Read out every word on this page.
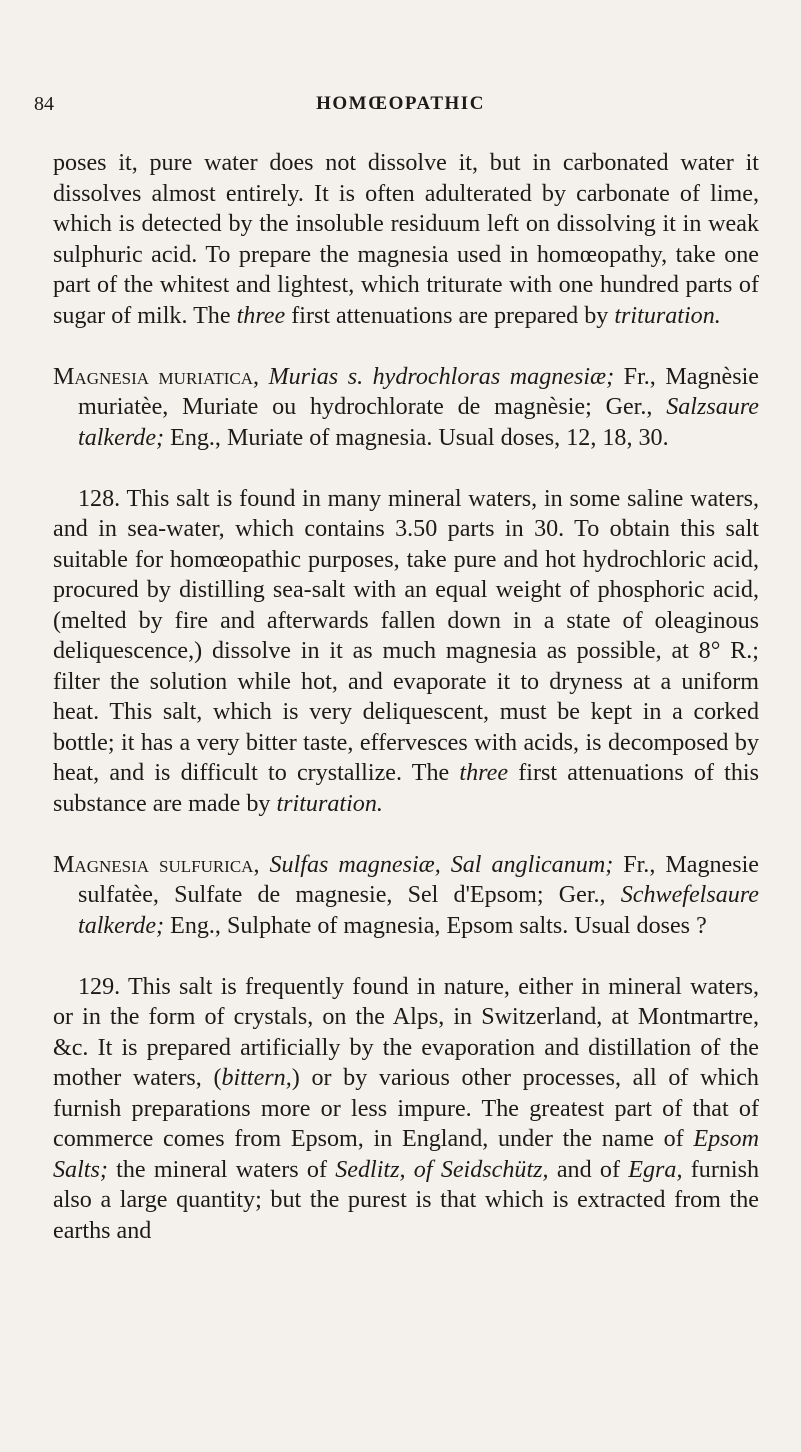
84	HOMŒOPATHIC

poses it, pure water does not dissolve it, but in carbonated water it dissolves almost entirely. It is often adulterated by carbonate of lime, which is detected by the insoluble residuum left on dissolving it in weak sulphuric acid. To prepare the magnesia used in homœopathy, take one part of the whitest and lightest, which triturate with one hundred parts of sugar of milk. The three first attenuations are prepared by trituration.

Magnesia muriatica, Murias s. hydrochloras magnesiæ; Fr., Magnèsie muriatèe, Muriate ou hydrochlorate de magnèsie; Ger., Salzsaure talkerde; Eng., Muriate of magnesia. Usual doses, 12, 18, 30.

128. This salt is found in many mineral waters, in some saline waters, and in sea-water, which contains 3.50 parts in 30. To obtain this salt suitable for homœopathic purposes, take pure and hot hydrochloric acid, procured by distilling sea-salt with an equal weight of phosphoric acid, (melted by fire and afterwards fallen down in a state of oleaginous deliquescence,) dissolve in it as much magnesia as possible, at 8° R.; filter the solution while hot, and evaporate it to dryness at a uniform heat. This salt, which is very deliquescent, must be kept in a corked bottle; it has a very bitter taste, effervesces with acids, is decomposed by heat, and is difficult to crystallize. The three first attenuations of this substance are made by trituration.

Magnesia sulfurica, Sulfas magnesiæ, Sal anglicanum; Fr., Magnesie sulfatèe, Sulfate de magnesie, Sel d'Epsom; Ger., Schwefelsaure talkerde; Eng., Sulphate of magnesia, Epsom salts. Usual doses ?

129. This salt is frequently found in nature, either in mineral waters, or in the form of crystals, on the Alps, in Switzerland, at Montmartre, &c. It is prepared artificially by the evaporation and distillation of the mother waters, (bittern,) or by various other processes, all of which furnish preparations more or less impure. The greatest part of that of commerce comes from Epsom, in England, under the name of Epsom Salts; the mineral waters of Sedlitz, of Seidschütz, and of Egra, furnish also a large quantity; but the purest is that which is extracted from the earths and
